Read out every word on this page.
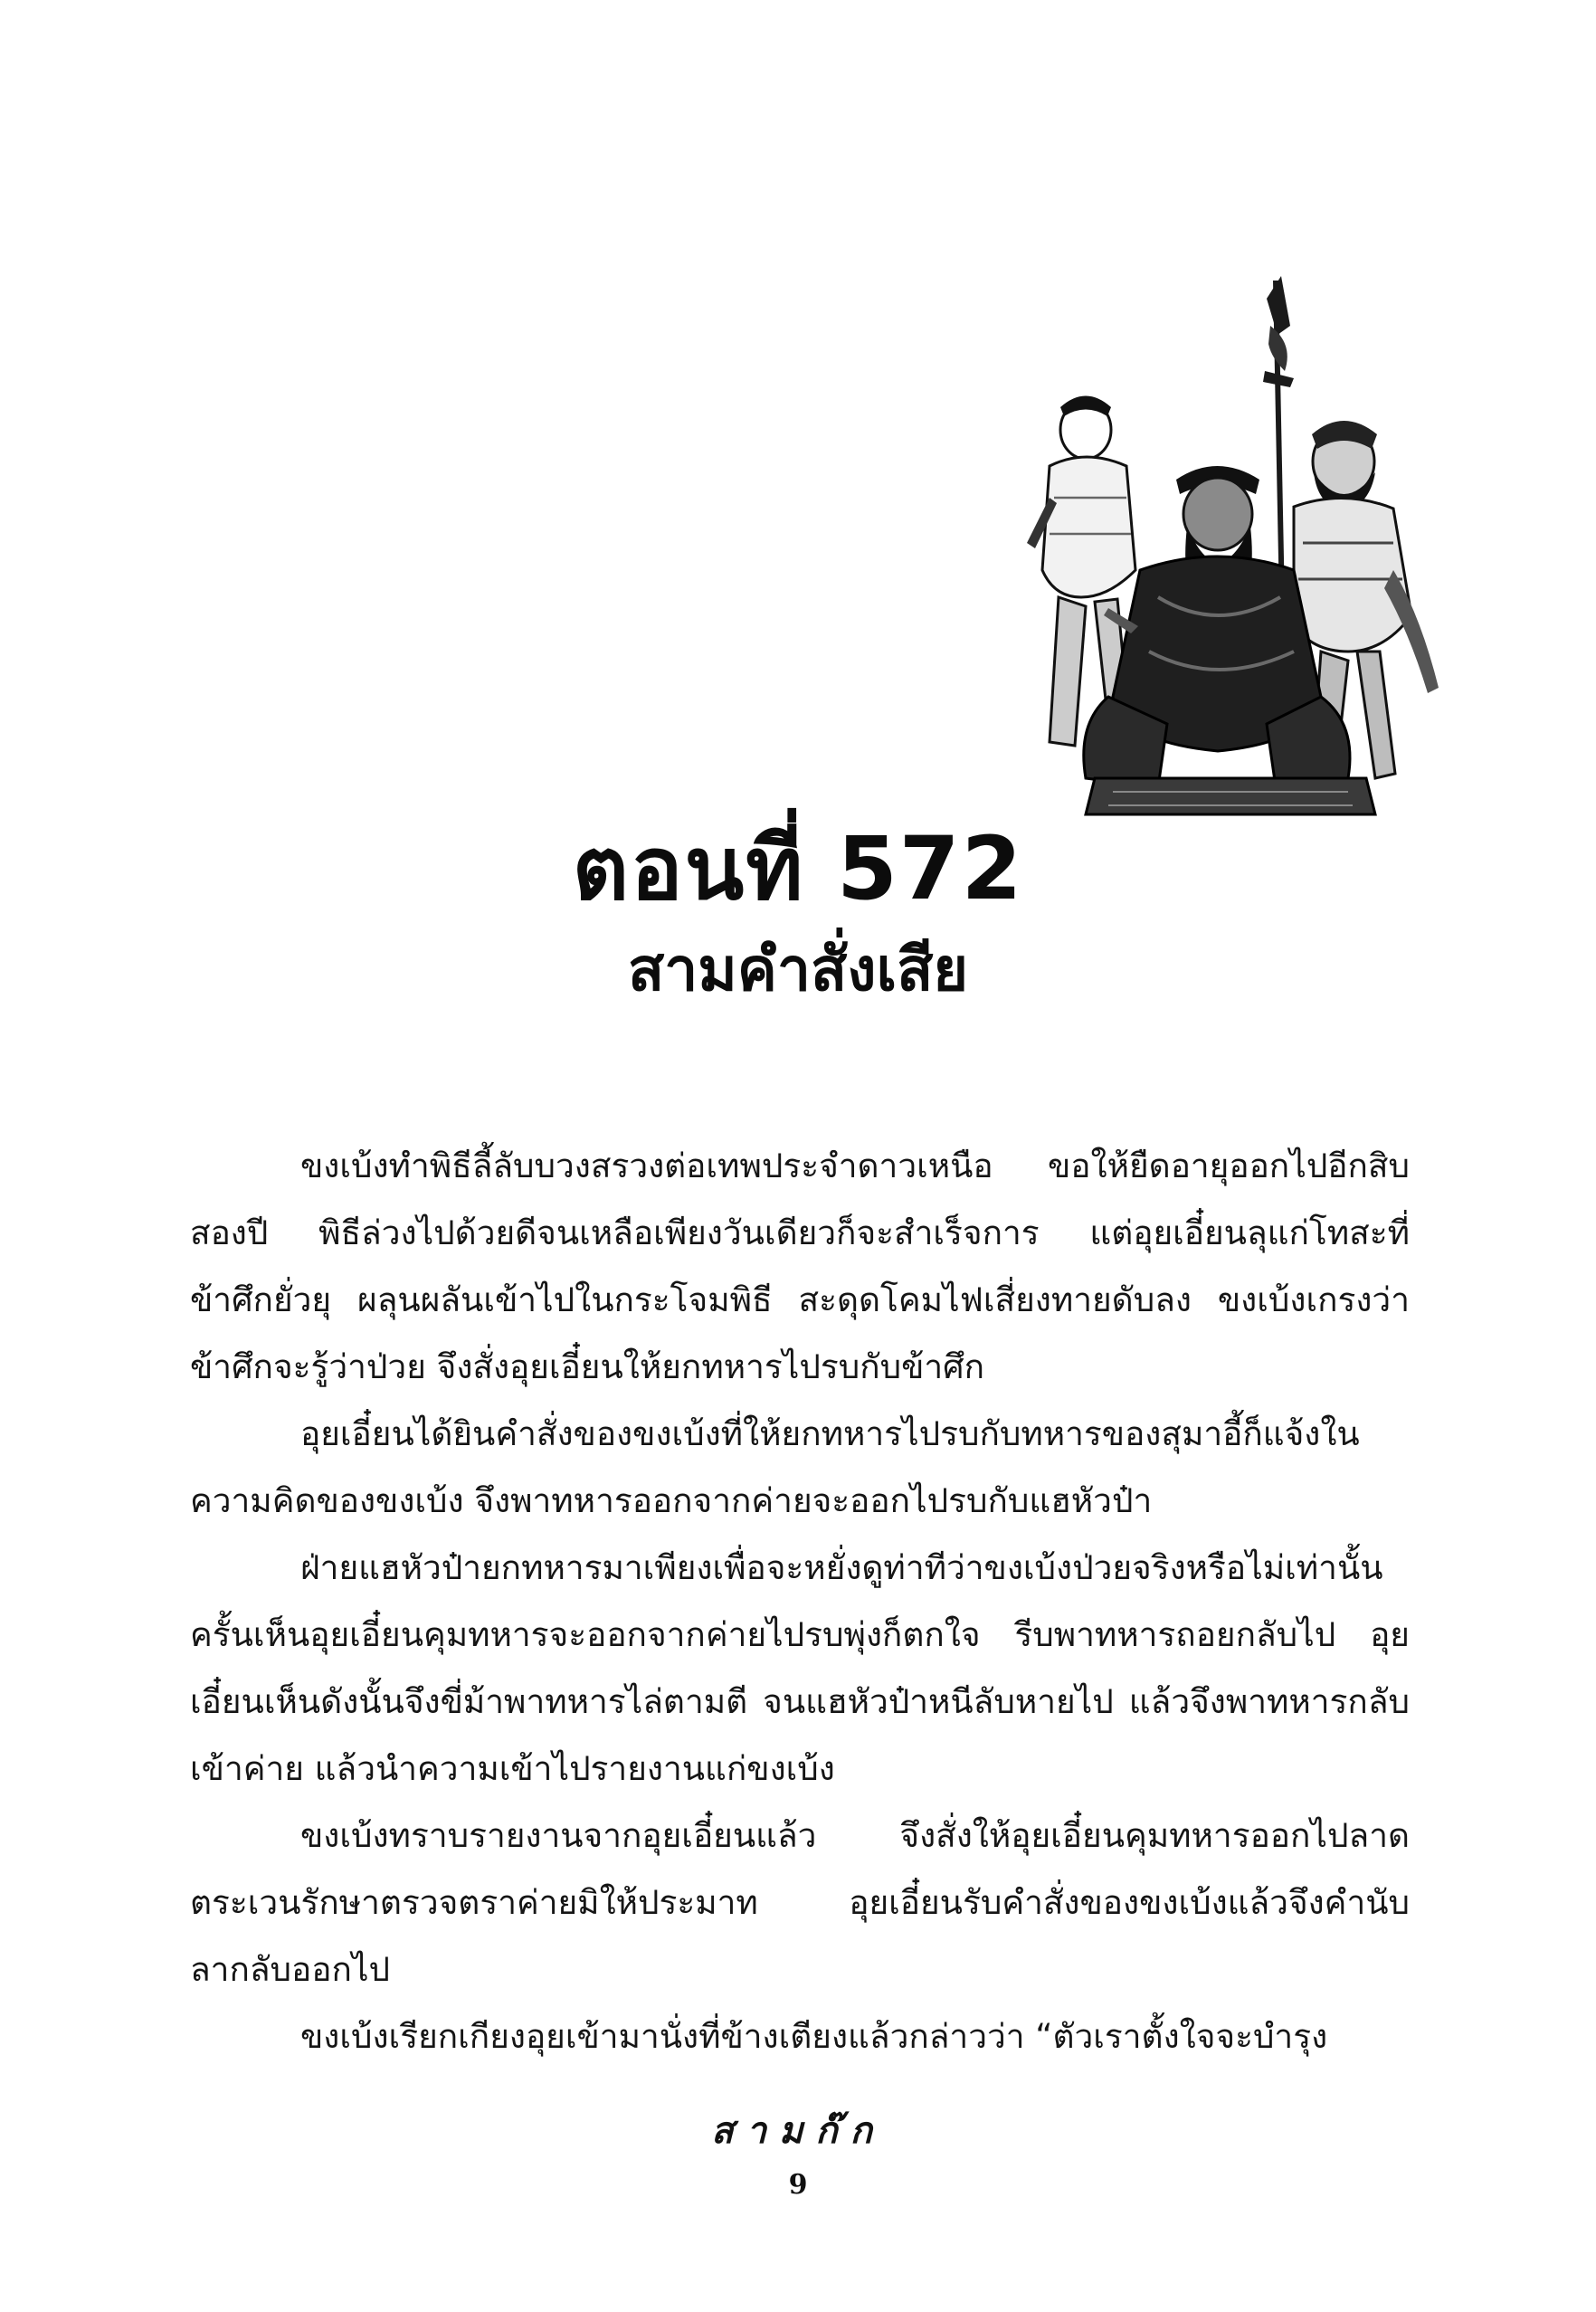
ตอนที่ 572
สามคำสั่งเสีย

ขงเบ้งทำพิธีลี้ลับบวงสรวงต่อเทพประจำดาวเหนือ ขอให้ยืดอายุออกไปอีกสิบสองปี พิธีล่วงไปด้วยดีจนเหลือเพียงวันเดียวก็จะสำเร็จการ แต่อุยเอี๋ยนลุแก่โทสะที่ข้าศึกยั่วยุ ผลุนผลันเข้าไปในกระโจมพิธี สะดุดโคมไฟเสี่ยงทายดับลง ขงเบ้งเกรงว่าข้าศึกจะรู้ว่าป่วย จึงสั่งอุยเอี๋ยนให้ยกทหารไปรบกับข้าศึก

อุยเอี๋ยนได้ยินคำสั่งของขงเบ้งที่ให้ยกทหารไปรบกับทหารของสุมาอี้ก็แจ้งในความคิดของขงเบ้ง จึงพาทหารออกจากค่ายจะออกไปรบกับแฮหัวป๋า

ฝ่ายแฮหัวป๋ายกทหารมาเพียงเพื่อจะหยั่งดูท่าทีว่าขงเบ้งป่วยจริงหรือไม่เท่านั้น ครั้นเห็นอุยเอี๋ยนคุมทหารจะออกจากค่ายไปรบพุ่งก็ตกใจ รีบพาทหารถอยกลับไป อุยเอี๋ยนเห็นดังนั้นจึงขี่ม้าพาทหารไล่ตามตี จนแฮหัวป๋าหนีลับหายไป แล้วจึงพาทหารกลับเข้าค่าย แล้วนำความเข้าไปรายงานแก่ขงเบ้ง

ขงเบ้งทราบรายงานจากอุยเอี๋ยนแล้ว จึงสั่งให้อุยเอี๋ยนคุมทหารออกไปลาดตระเวนรักษาตรวจตราค่ายมิให้ประมาท อุยเอี๋ยนรับคำสั่งของขงเบ้งแล้วจึงคำนับลากลับออกไป

ขงเบ้งเรียกเกียงอุยเข้ามานั่งที่ข้างเตียงแล้วกล่าวว่า “ตัวเราตั้งใจจะบำรุง

สามก๊ก
9
